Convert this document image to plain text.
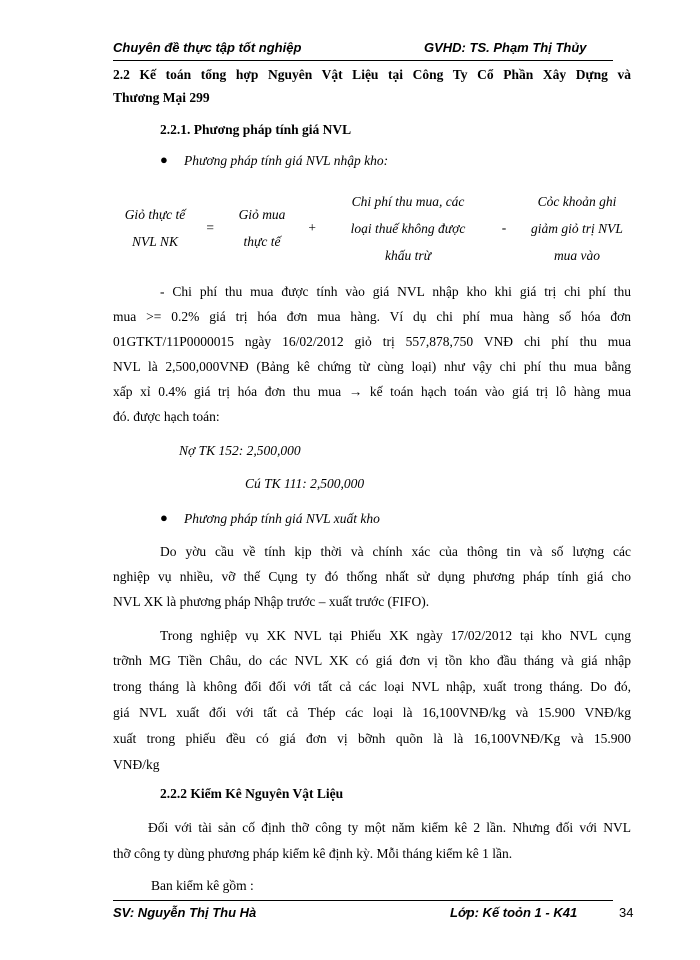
Chuyên đề thực tập tốt nghiệp	GVHD: TS. Phạm Thị Thủy
2.2 Kế toán tổng hợp Nguyên Vật Liệu tại Công Ty Cổ Phần Xây Dựng và
Thương Mại 299
2.2.1. Phương pháp tính giá NVL
● Phương pháp tính giá NVL nhập kho:
Giỏ thực tế
NVL NK
=
Giỏ mua
thực tế
+
Chi phí thu mua, các
loại thuế không được
khấu trừ
-
Cỏc khoản ghi
giảm giỏ trị NVL
mua vào
- Chi phí thu mua được tính vào giá NVL nhập kho khi giá trị chi phí thu
mua >= 0.2% giá trị hóa đơn mua hàng. Ví dụ chi phí mua hàng số hóa đơn
01GTKT/11P0000015 ngày 16/02/2012 giỏ trị 557,878,750 VNĐ chi phí thu mua
NVL là 2,500,000VNĐ (Bảng kê chứng từ cùng loại) như vậy chi phí thu mua bằng
xấp xỉ 0.4% giá trị hóa đơn thu mua → kế toán hạch toán vào giá trị lô hàng mua
đó. được hạch toán:
Nợ TK 152: 2,500,000
Cú TK 111: 2,500,000
● Phương pháp tính giá NVL xuất kho
Do yờu cầu về tính kịp thời và chính xác của thông tin và số lượng các
nghiệp vụ nhiều, vỡ thế Cụng ty đó thống nhất sử dụng phương pháp tính giá cho
NVL XK là phương pháp Nhập trước – xuất trước (FIFO).
Trong nghiệp vụ XK NVL tại Phiếu XK ngày 17/02/2012 tại kho NVL cụng
trỡnh MG Tiền Châu, do các NVL XK có giá đơn vị tồn kho đầu tháng và giá nhập
trong tháng là không đổi đối với tất cả các loại NVL nhập, xuất trong tháng. Do đó,
giá NVL xuất đối với tất cả Thép các loại là 16,100VNĐ/kg và 15.900 VNĐ/kg
xuất trong phiếu đều có giá đơn vị bỡnh quõn là là 16,100VNĐ/Kg và 15.900
VNĐ/kg
2.2.2 Kiểm Kê Nguyên Vật Liệu
Đối với tài sản cố định thỡ công ty một năm kiểm kê 2 lần. Nhưng đối với NVL
thỡ công ty dùng phương pháp kiểm kê định kỳ. Mỗi tháng kiểm kê 1 lần.
Ban kiểm kê gồm :
SV: Nguyễn Thị Thu Hà	Lớp: Kế toỏn 1 - K41	34
